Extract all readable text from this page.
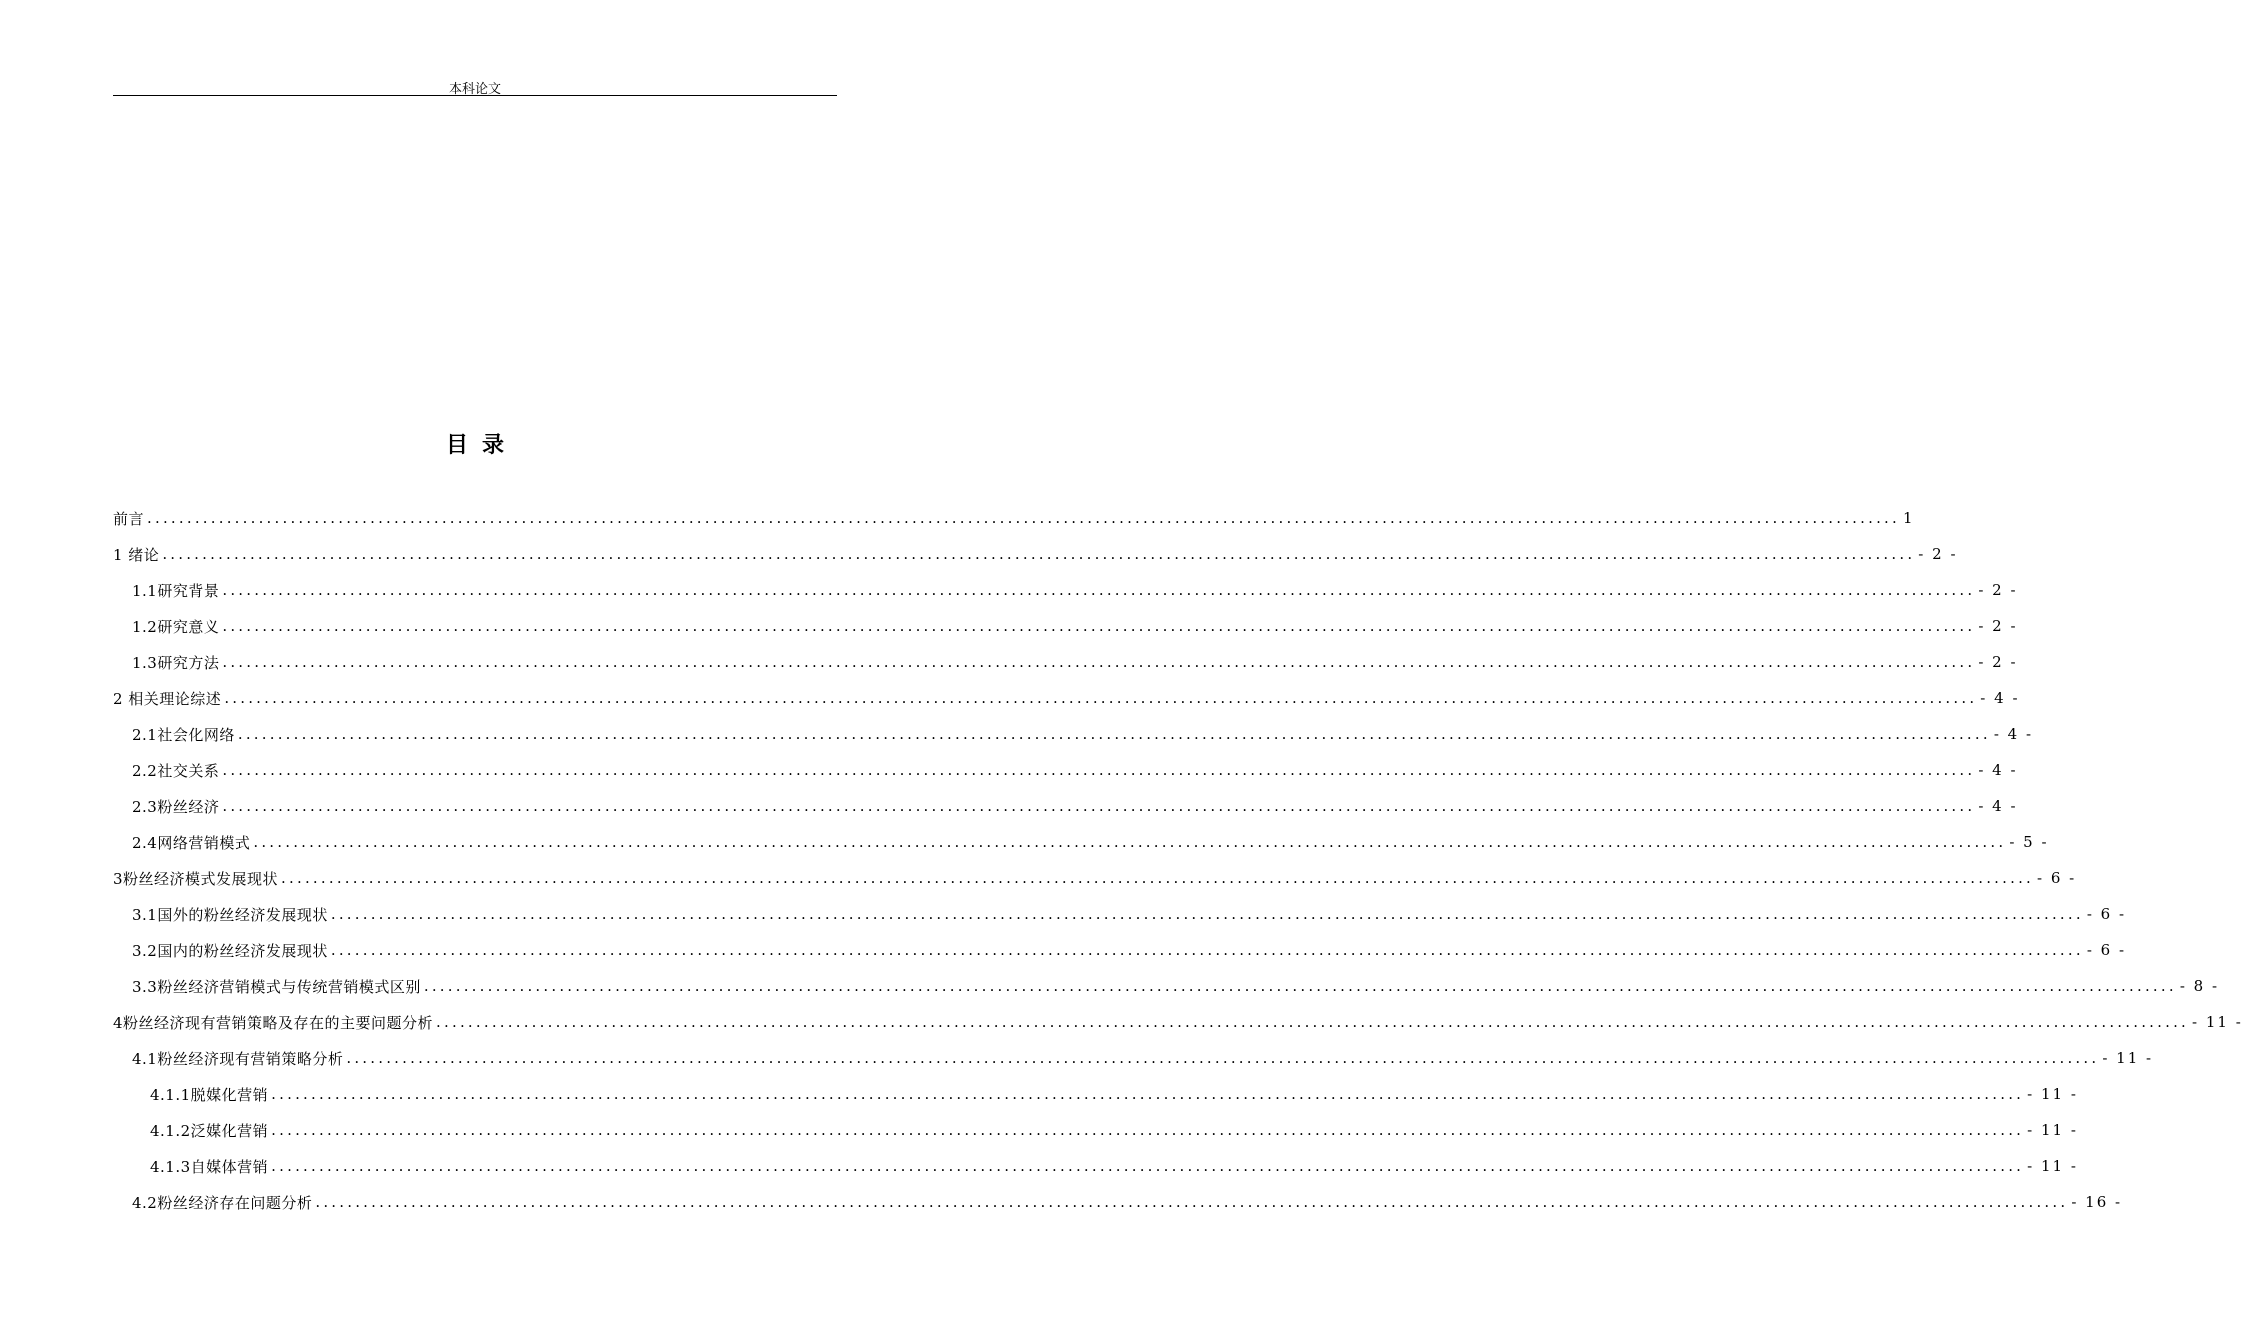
本科论文
目录
前言 ............................................................................................................................................................................................................................ 1
1 绪论 ............................................................................................................................................................................................................................ - 2 -
1.1研究背景 ............................................................................................................................................................................................................................ - 2 -
1.2研究意义 ............................................................................................................................................................................................................................ - 2 -
1.3研究方法 ............................................................................................................................................................................................................................ - 2 -
2 相关理论综述 ............................................................................................................................................................................................................................ - 4 -
2.1社会化网络 ............................................................................................................................................................................................................................ - 4 -
2.2社交关系 ............................................................................................................................................................................................................................ - 4 -
2.3粉丝经济 ............................................................................................................................................................................................................................ - 4 -
2.4网络营销模式 ............................................................................................................................................................................................................................ - 5 -
3粉丝经济模式发展现状 ............................................................................................................................................................................................................................ - 6 -
3.1国外的粉丝经济发展现状 ............................................................................................................................................................................................................................ - 6 -
3.2国内的粉丝经济发展现状 ............................................................................................................................................................................................................................ - 6 -
3.3粉丝经济营销模式与传统营销模式区别 ............................................................................................................................................................................................................................ - 8 -
4粉丝经济现有营销策略及存在的主要问题分析 ............................................................................................................................................................................................................................ - 11 -
4.1粉丝经济现有营销策略分析 ............................................................................................................................................................................................................................ - 11 -
4.1.1脱媒化营销 ............................................................................................................................................................................................................................ - 11 -
4.1.2泛媒化营销 ............................................................................................................................................................................................................................ - 11 -
4.1.3自媒体营销 ............................................................................................................................................................................................................................ - 11 -
4.2粉丝经济存在问题分析 ............................................................................................................................................................................................................................ - 16 -
